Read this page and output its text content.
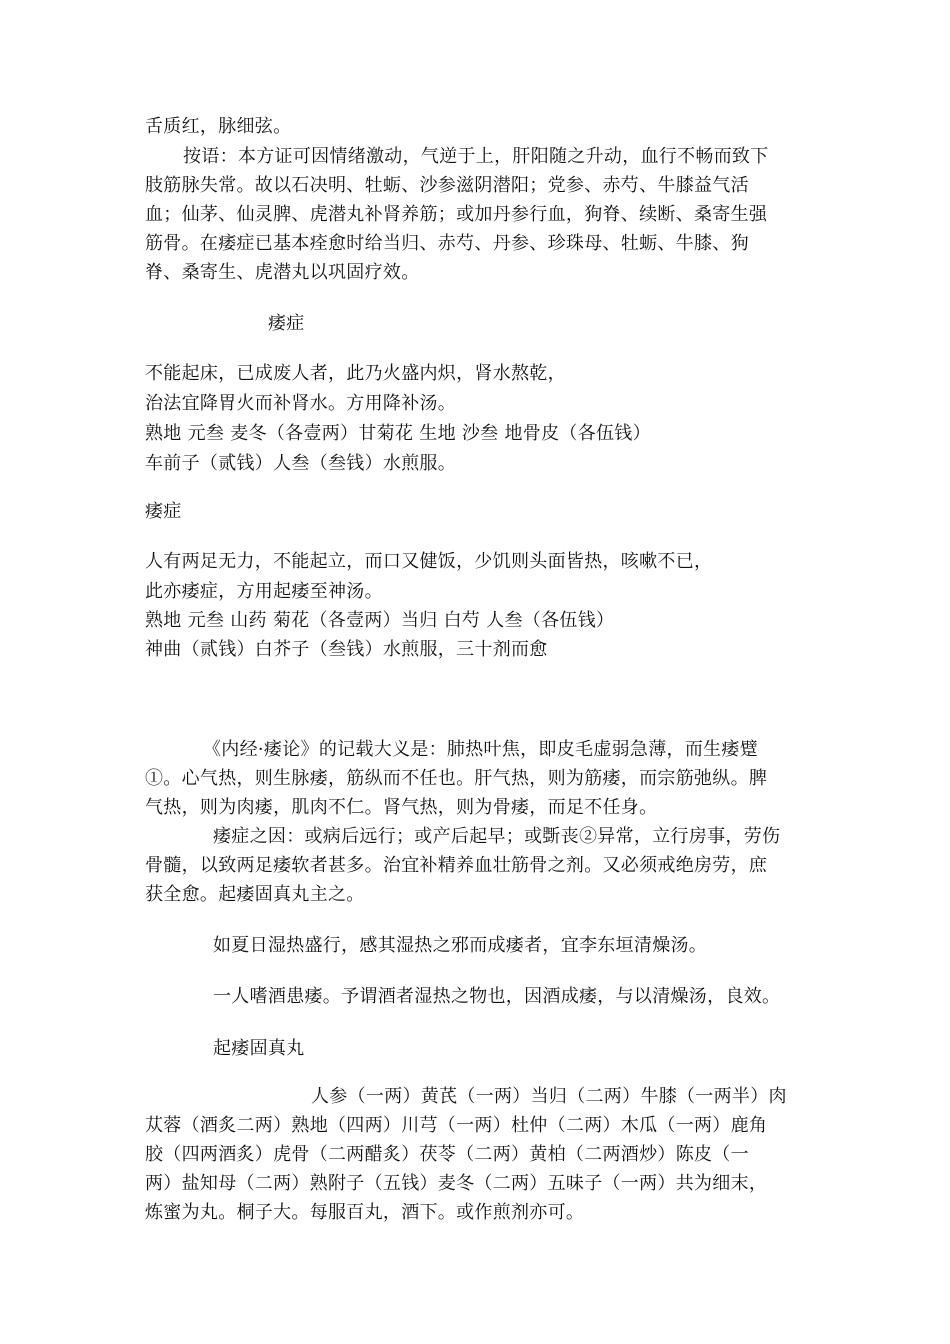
舌质红，脉细弦。
按语：本方证可因情绪激动，气逆于上，肝阳随之升动，血行不畅而致下
肢筋脉失常。故以石决明、牡蛎、沙参滋阴潜阳；党参、赤芍、牛膝益气活
血；仙茅、仙灵脾、虎潜丸补肾养筋；或加丹参行血，狗脊、续断、桑寄生强
筋骨。在痿症已基本痊愈时给当归、赤芍、丹参、珍珠母、牡蛎、牛膝、狗
脊、桑寄生、虎潜丸以巩固疗效。
痿症
不能起床，已成废人者，此乃火盛内炽，肾水熬乾，
治法宜降胃火而补肾水。方用降补汤。
熟地 元叁 麦冬（各壹两）甘菊花 生地 沙叁 地骨皮（各伍钱）
车前子（贰钱）人叁（叁钱）水煎服。
痿症
人有两足无力，不能起立，而口又健饭，少饥则头面皆热，咳嗽不已，
此亦痿症，方用起痿至神汤。
熟地 元叁 山药 菊花（各壹两）当归 白芍 人叁（各伍钱）
神曲（贰钱）白芥子（叁钱）水煎服，三十剂而愈
《内经·痿论》的记载大义是：肺热叶焦，即皮毛虚弱急薄，而生痿躄
①。心气热，则生脉痿，筋纵而不任也。肝气热，则为筋痿，而宗筋弛纵。脾
气热，则为肉痿，肌肉不仁。肾气热，则为骨痿，而足不任身。
痿症之因：或病后远行；或产后起早；或斲丧②异常，立行房事，劳伤
骨髓，以致两足痿软者甚多。治宜补精养血壮筋骨之剂。又必须戒绝房劳，庶
获全愈。起痿固真丸主之。
如夏日湿热盛行，感其湿热之邪而成痿者，宜李东垣清燥汤。
一人嗜酒患痿。予谓酒者湿热之物也，因酒成痿，与以清燥汤，良效。
起痿固真丸
人参（一两）黄芪（一两）当归（二两）牛膝（一两半）肉
苁蓉（酒炙二两）熟地（四两）川芎（一两）杜仲（二两）木瓜（一两）鹿角
胶（四两酒炙）虎骨（二两醋炙）茯苓（二两）黄柏（二两酒炒）陈皮（一
两）盐知母（二两）熟附子（五钱）麦冬（二两）五味子（一两）共为细末，
炼蜜为丸。桐子大。每服百丸，酒下。或作煎剂亦可。
